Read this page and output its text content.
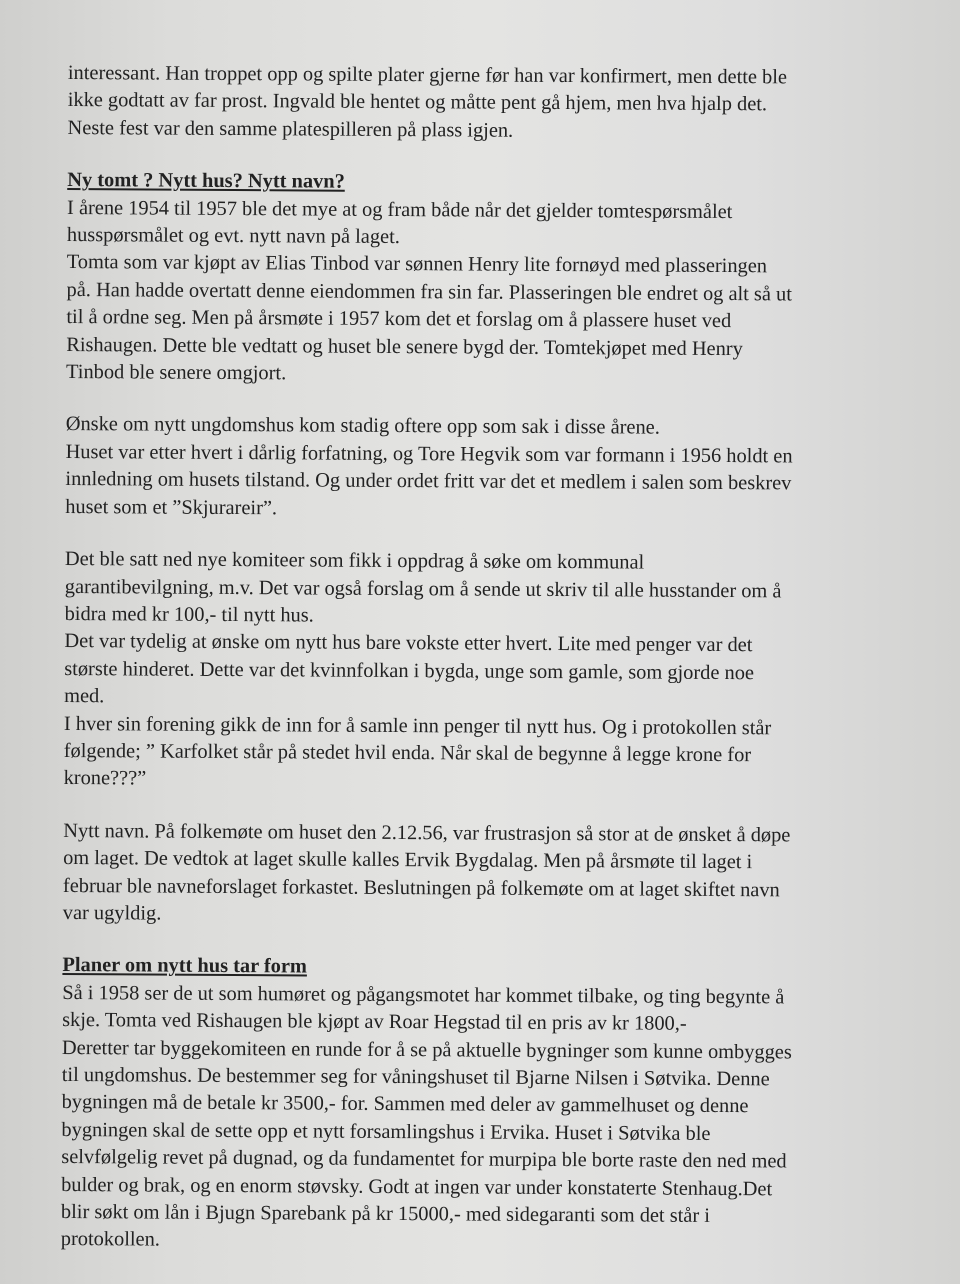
interessant. Han troppet opp og spilte plater gjerne før han var konfirmert, men dette ble
ikke godtatt av far prost. Ingvald ble hentet og måtte pent gå hjem, men hva hjalp det.
Neste fest var den samme platespilleren på plass igjen.
Ny tomt ? Nytt hus? Nytt navn?
I årene 1954 til 1957 ble det mye at og fram både når det gjelder tomtespørsmålet
husspørsmålet og evt. nytt navn på laget.
Tomta som var kjøpt av Elias Tinbod var sønnen Henry lite fornøyd med plasseringen
på. Han hadde overtatt denne eiendommen fra sin far. Plasseringen ble endret og alt så ut
til å ordne seg. Men på årsmøte i 1957 kom det et forslag om å plassere huset ved
Rishaugen. Dette ble vedtatt og huset ble senere bygd der. Tomtekjøpet med Henry
Tinbod ble senere omgjort.
Ønske om nytt ungdomshus kom stadig oftere opp som sak i disse årene.
Huset var etter hvert i dårlig forfatning, og Tore Hegvik som var formann i 1956 holdt en
innledning om husets tilstand. Og under ordet fritt var det et medlem i salen som beskrev
huset som et ”Skjurareir”.
Det ble satt ned nye komiteer som fikk i oppdrag å søke om kommunal
garantibevilgning, m.v. Det var også forslag om å sende ut skriv til alle husstander om å
bidra med kr 100,- til nytt hus.
Det var tydelig at ønske om nytt hus bare vokste etter hvert. Lite med penger var det
største hinderet. Dette var det kvinnfolkan i bygda, unge som gamle, som gjorde noe
med.
I hver sin forening gikk de inn for å samle inn penger til nytt hus. Og i protokollen står
følgende; ” Karfolket står på stedet hvil enda. Når skal de begynne å legge krone for
krone???”
Nytt navn. På folkemøte om huset den 2.12.56, var frustrasjon så stor at de ønsket å døpe
om laget. De vedtok at laget skulle kalles Ervik Bygdalag. Men på årsmøte til laget i
februar ble navneforslaget forkastet. Beslutningen på folkemøte om at laget skiftet navn
var ugyldig.
Planer om nytt hus tar form
Så i 1958 ser de ut som humøret og pågangsmotet har kommet tilbake, og ting begynte å
skje. Tomta ved Rishaugen ble kjøpt av Roar Hegstad til en pris av kr 1800,-
Deretter tar byggekomiteen en runde for å se på aktuelle bygninger som kunne ombygges
til ungdomshus. De bestemmer seg for våningshuset til Bjarne Nilsen i Søtvika. Denne
bygningen må de betale kr 3500,- for. Sammen med deler av gammelhuset og denne
bygningen skal de sette opp et nytt forsamlingshus i Ervika. Huset i Søtvika ble
selvfølgelig revet på dugnad, og da fundamentet for murpipa ble borte raste den ned med
bulder og brak, og en enorm støvsky. Godt at ingen var under konstaterte Stenhaug.Det
blir søkt om lån i Bjugn Sparebank på kr 15000,- med sidegaranti som det står i
protokollen.
